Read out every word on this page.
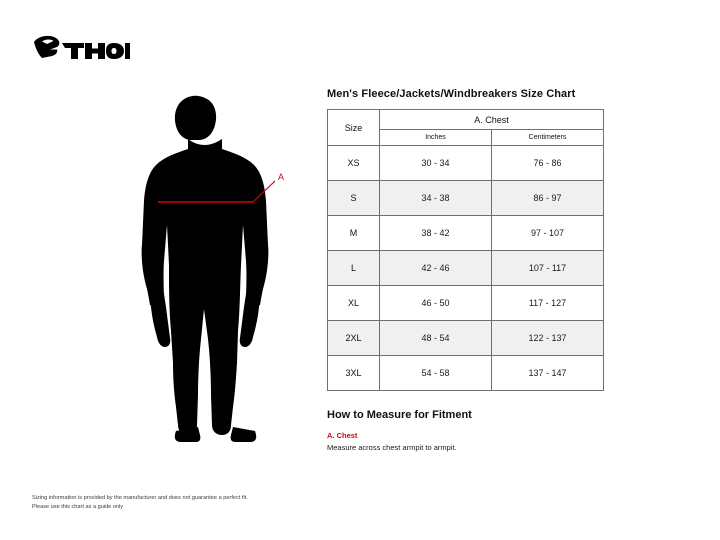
A
Men's Fleece/Jackets/Windbreakers Size Chart
Size	A. Chest	
	Inches	Centimeters
XS	30 - 34	76 - 86
S	34 - 38	86 - 97
M	38 - 42	97 - 107
L	42 - 46	107 - 117
XL	46 - 50	117 - 127
2XL	48 - 54	122 - 137
3XL	54 - 58	137 - 147
How to Measure for Fitment

A. Chest

Measure across chest armpit to armpit.

Sizing information is provided by the manufacturer and does not guarantee a perfect fit.

Please use this chart as a guide only
